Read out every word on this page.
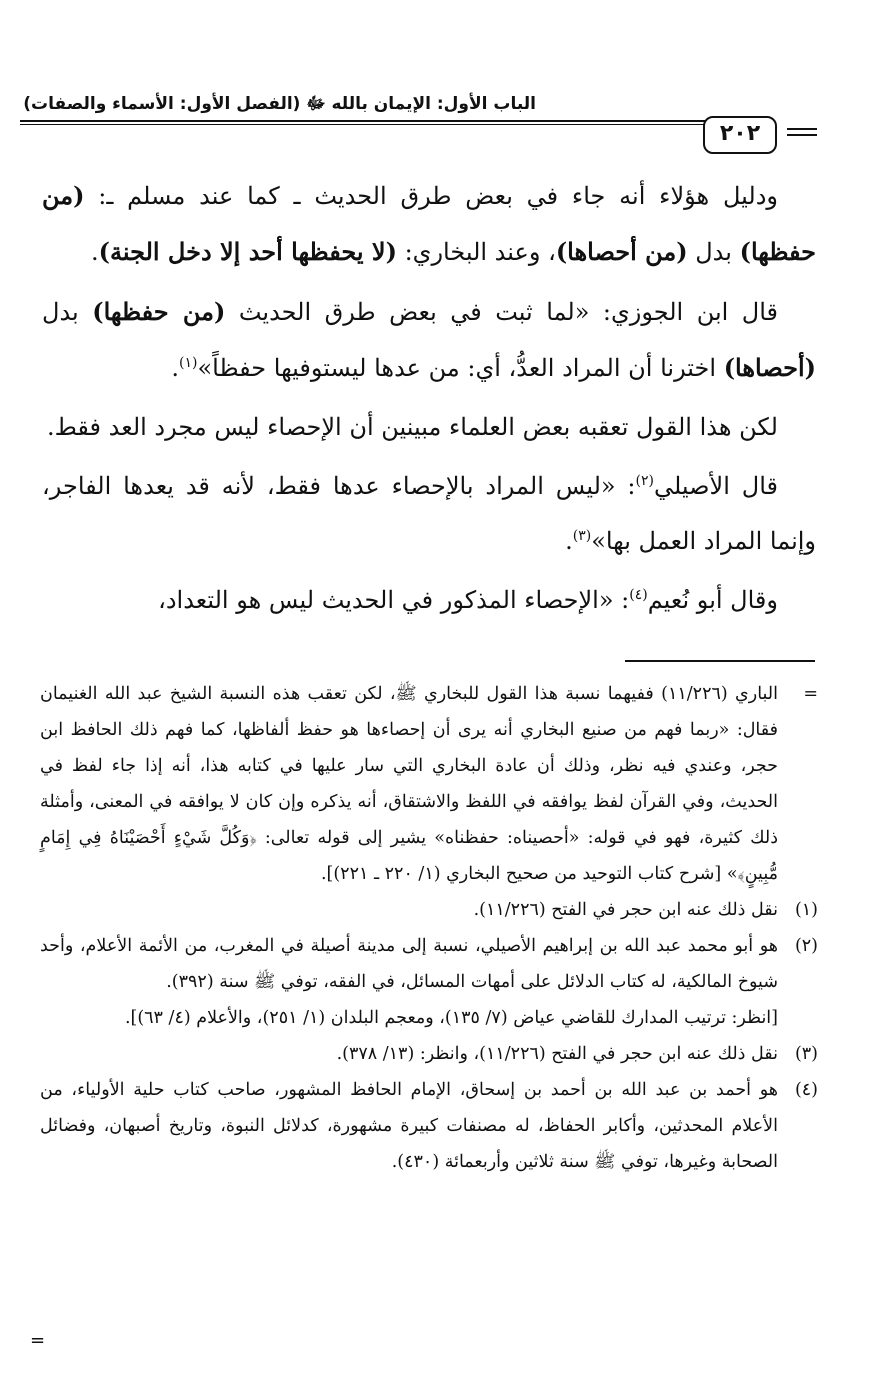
الباب الأول: الإيمان بالله ﷻ (الفصل الأول: الأسماء والصفات)
٢٠٢

ودليل هؤلاء أنه جاء في بعض طرق الحديث ـ كما عند مسلم ـ: (من حفظها) بدل (من أحصاها)، وعند البخاري: (لا يحفظها أحد إلا دخل الجنة).

قال ابن الجوزي: «لما ثبت في بعض طرق الحديث (من حفظها) بدل (أحصاها) اخترنا أن المراد العدُّ، أي: من عدها ليستوفيها حفظاً»$^{(١)}$.

لكن هذا القول تعقبه بعض العلماء مبينين أن الإحصاء ليس مجرد العد فقط.

قال الأصيلي$^{(٢)}$: «ليس المراد بالإحصاء عدها فقط، لأنه قد يعدها الفاجر، وإنما المراد العمل بها»$^{(٣)}$.

وقال أبو نُعيم$^{(٤)}$: «الإحصاء المذكور في الحديث ليس هو التعداد،

=
الباري (١١/٢٢٦) ففيهما نسبة هذا القول للبخاري ﷺ، لكن تعقب هذه النسبة الشيخ عبد الله الغنيمان فقال: «ربما فهم من صنيع البخاري أنه يرى أن إحصاءها هو حفظ ألفاظها، كما فهم ذلك الحافظ ابن حجر، وعندي فيه نظر، وذلك أن عادة البخاري التي سار عليها في كتابه هذا، أنه إذا جاء لفظ في الحديث، وفي القرآن لفظ يوافقه في اللفظ والاشتقاق، أنه يذكره وإن كان لا يوافقه في المعنى، وأمثلة ذلك كثيرة، فهو في قوله: «أحصيناه: حفظناه» يشير إلى قوله تعالى: ﴿وَكُلَّ شَيْءٍ أَحْصَيْنَاهُ فِي إِمَامٍ مُّبِينٍ﴾» [شرح كتاب التوحيد من صحيح البخاري (١/ ٢٢٠ ـ ٢٢١)].
(١)
نقل ذلك عنه ابن حجر في الفتح (١١/٢٢٦).
(٢)
هو أبو محمد عبد الله بن إبراهيم الأصيلي، نسبة إلى مدينة أصيلة في المغرب، من الأئمة الأعلام، وأحد شيوخ المالكية، له كتاب الدلائل على أمهات المسائل، في الفقه، توفي ﷺ سنة (٣٩٢).
[انظر: ترتيب المدارك للقاضي عياض (٧/ ١٣٥)، ومعجم البلدان (١/ ٢٥١)، والأعلام (٤/ ٦٣)].
(٣)
نقل ذلك عنه ابن حجر في الفتح (١١/٢٢٦)، وانظر: (١٣/ ٣٧٨).
(٤)
هو أحمد بن عبد الله بن أحمد بن إسحاق، الإمام الحافظ المشهور، صاحب كتاب حلية الأولياء، من الأعلام المحدثين، وأكابر الحفاظ، له مصنفات كبيرة مشهورة، كدلائل النبوة، وتاريخ أصبهان، وفضائل الصحابة وغيرها، توفي ﷺ سنة ثلاثين وأربعمائة (٤٣٠).
=
